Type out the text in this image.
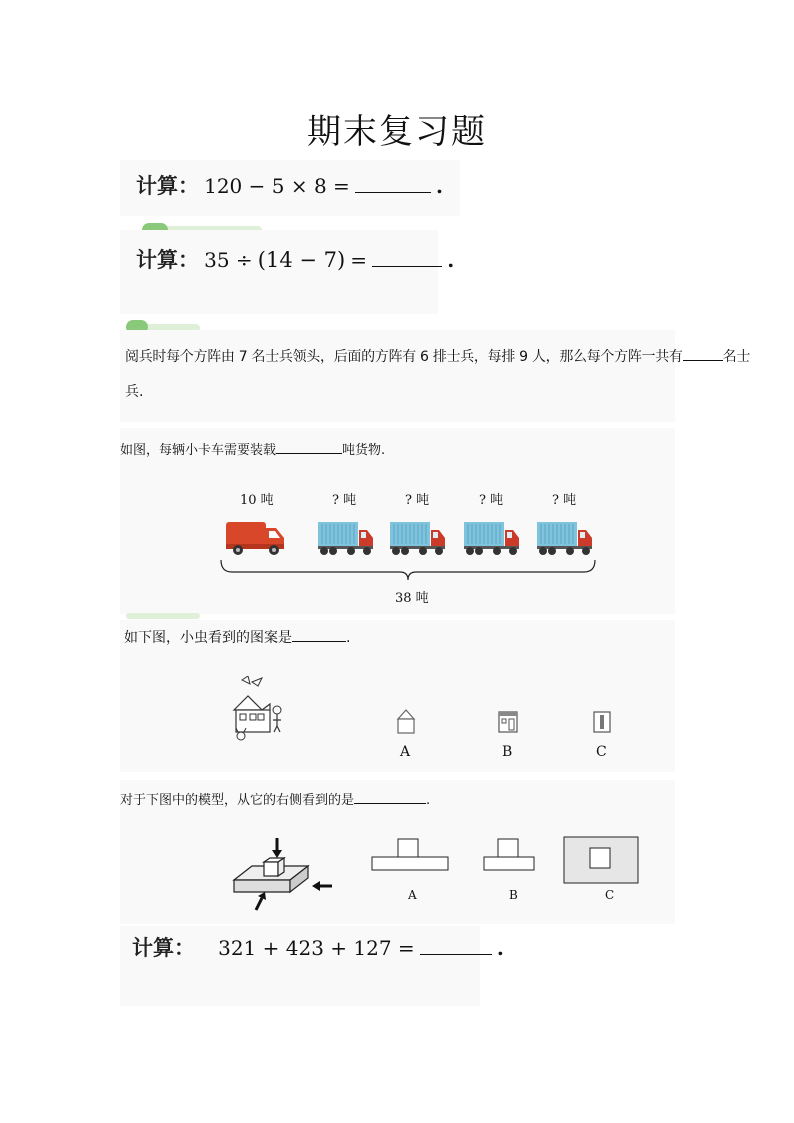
期末复习题
计算： 120 − 5 × 8 =	.
计算： 35 ÷ (14 − 7) =	.
阅兵时每个方阵由 7 名士兵领头，后面的方阵有 6 排士兵，每排 9 人，那么每个方阵一共有	名士
兵.
如图，每辆小卡车需要装载	吨货物.
10 吨	? 吨	? 吨	? 吨	? 吨
38 吨
如下图，小虫看到的图案是	.
A	B	C
对于下图中的模型，从它的右侧看到的是	.
A	B	C
计算： 321 + 423 + 127 =	.
